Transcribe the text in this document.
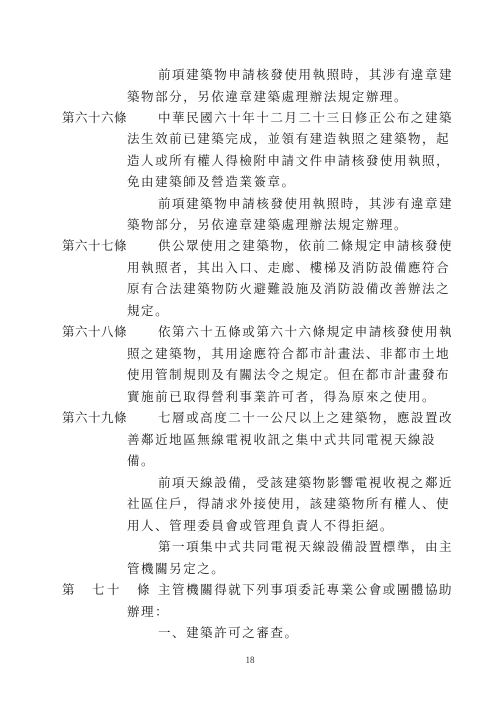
前項建築物申請核發使用執照時，其涉有違章建
築物部分，另依違章建築處理辦法規定辦理。
第六十六條 中華民國六十年十二月二十三日修正公布之建築
法生效前已建築完成，並領有建造執照之建築物，起
造人或所有權人得檢附申請文件申請核發使用執照，
免由建築師及營造業簽章。
前項建築物申請核發使用執照時，其涉有違章建
築物部分，另依違章建築處理辦法規定辦理。
第六十七條 供公眾使用之建築物，依前二條規定申請核發使
用執照者，其出入口、走廊、樓梯及消防設備應符合
原有合法建築物防火避難設施及消防設備改善辦法之
規定。
第六十八條 依第六十五條或第六十六條規定申請核發使用執
照之建築物，其用途應符合都市計畫法、非都市土地
使用管制規則及有關法令之規定。但在都市計畫發布
實施前已取得營利事業許可者，得為原來之使用。
第六十九條 七層或高度二十一公尺以上之建築物，應設置改
善鄰近地區無線電視收訊之集中式共同電視天線設
備。
前項天線設備，受該建築物影響電視收視之鄰近
社區住戶，得請求外接使用，該建築物所有權人、使
用人、管理委員會或管理負責人不得拒絕。
第一項集中式共同電視天線設備設置標準，由主
管機關另定之。
第　七十　條 主管機關得就下列事項委託專業公會或團體協助
辦理：
一、建築許可之審查。
18
